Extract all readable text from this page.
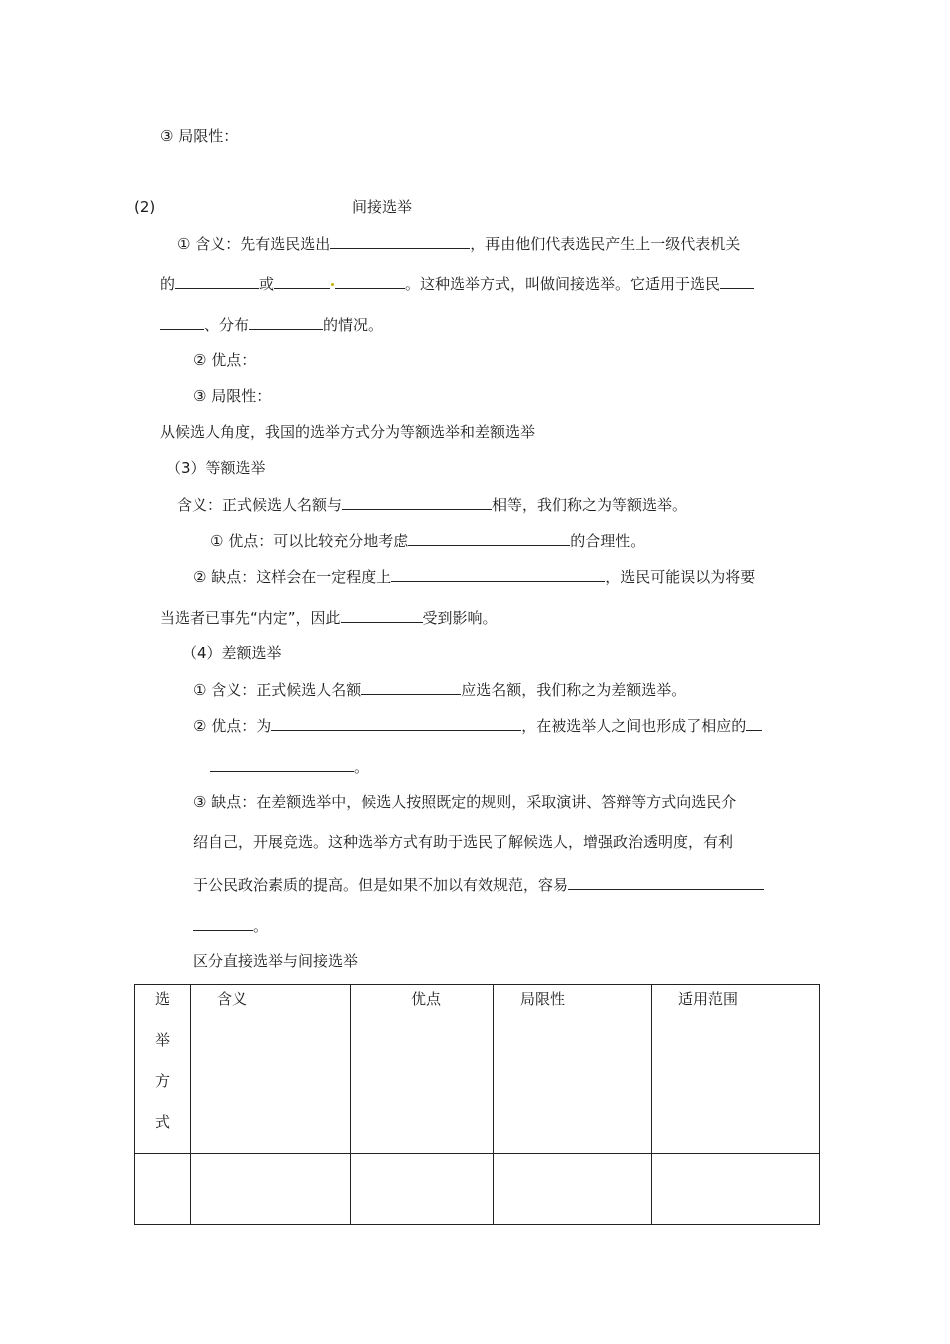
③ 局限性：
(2)	间接选举
① 含义：先有选民选出	，再由他们代表选民产生上一级代表机关
的	或	。这种选举方式，叫做间接选举。它适用于选民
、分布	的情况。
② 优点：
③ 局限性：
从候选人角度，我国的选举方式分为等额选举和差额选举
（3）等额选举
含义：正式候选人名额与	相等，我们称之为等额选举。
① 优点：可以比较充分地考虑	的合理性。
② 缺点：这样会在一定程度上	，选民可能误以为将要
当选者已事先“内定”，因此	受到影响。
（4）差额选举
① 含义：正式候选人名额	应选名额，我们称之为差额选举。
② 优点：为	，在被选举人之间也形成了相应的
。
③ 缺点：在差额选举中，候选人按照既定的规则，采取演讲、答辩等方式向选民介
绍自己，开展竞选。这种选举方式有助于选民了解候选人，增强政治透明度，有利
于公民政治素质的提高。但是如果不加以有效规范，容易
。
区分直接选举与间接选举
选
举
方
式	含义	优点	局限性	适用范围
